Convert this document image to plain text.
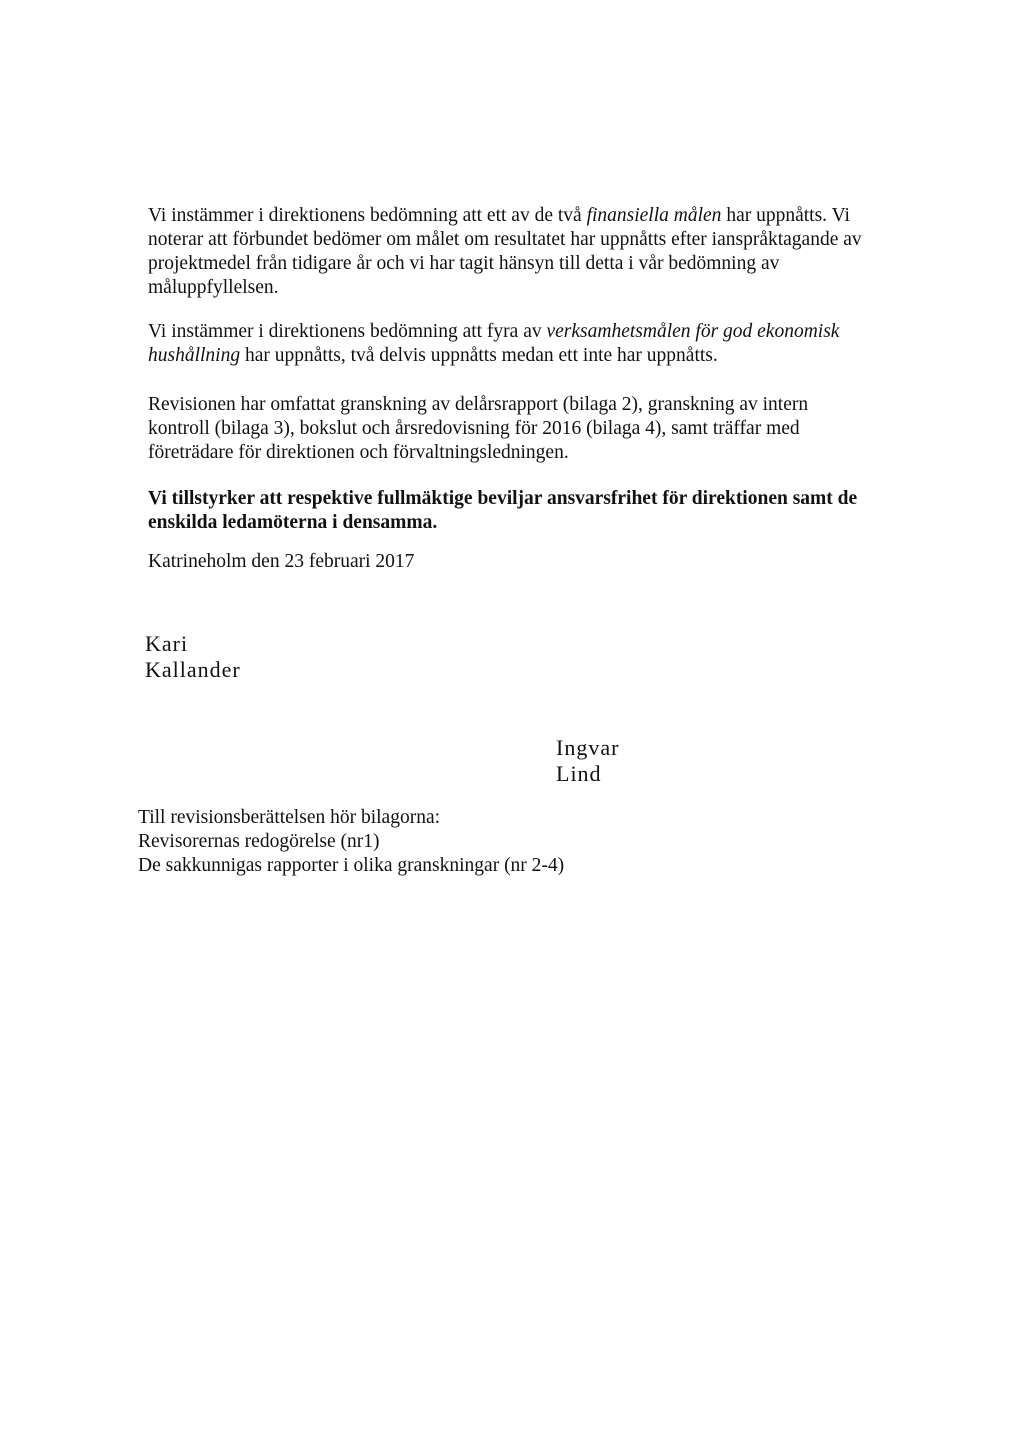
Vi instämmer i direktionens bedömning att ett av de två finansiella målen har uppnåtts. Vi noterar att förbundet bedömer om målet om resultatet har uppnåtts efter ianspråktagande av projektmedel från tidigare år och vi har tagit hänsyn till detta i vår bedömning av måluppfyllelsen.

Vi instämmer i direktionens bedömning att fyra av verksamhetsmålen för god ekonomisk hushållning har uppnåtts, två delvis uppnåtts medan ett inte har uppnåtts.

Revisionen har omfattat granskning av delårsrapport (bilaga 2), granskning av intern kontroll (bilaga 3), bokslut och årsredovisning för 2016 (bilaga 4), samt träffar med företrädare för direktionen och förvaltningsledningen.

Vi tillstyrker att respektive fullmäktige beviljar ansvarsfrihet för direktionen samt de enskilda ledamöterna i densamma.

Katrineholm den 23 februari 2017

Kari Kallander
Ingvar Lind
Till revisionsberättelsen hör bilagorna:
Revisorernas redogörelse (nr1)
De sakkunnigas rapporter i olika granskningar (nr 2-4)
